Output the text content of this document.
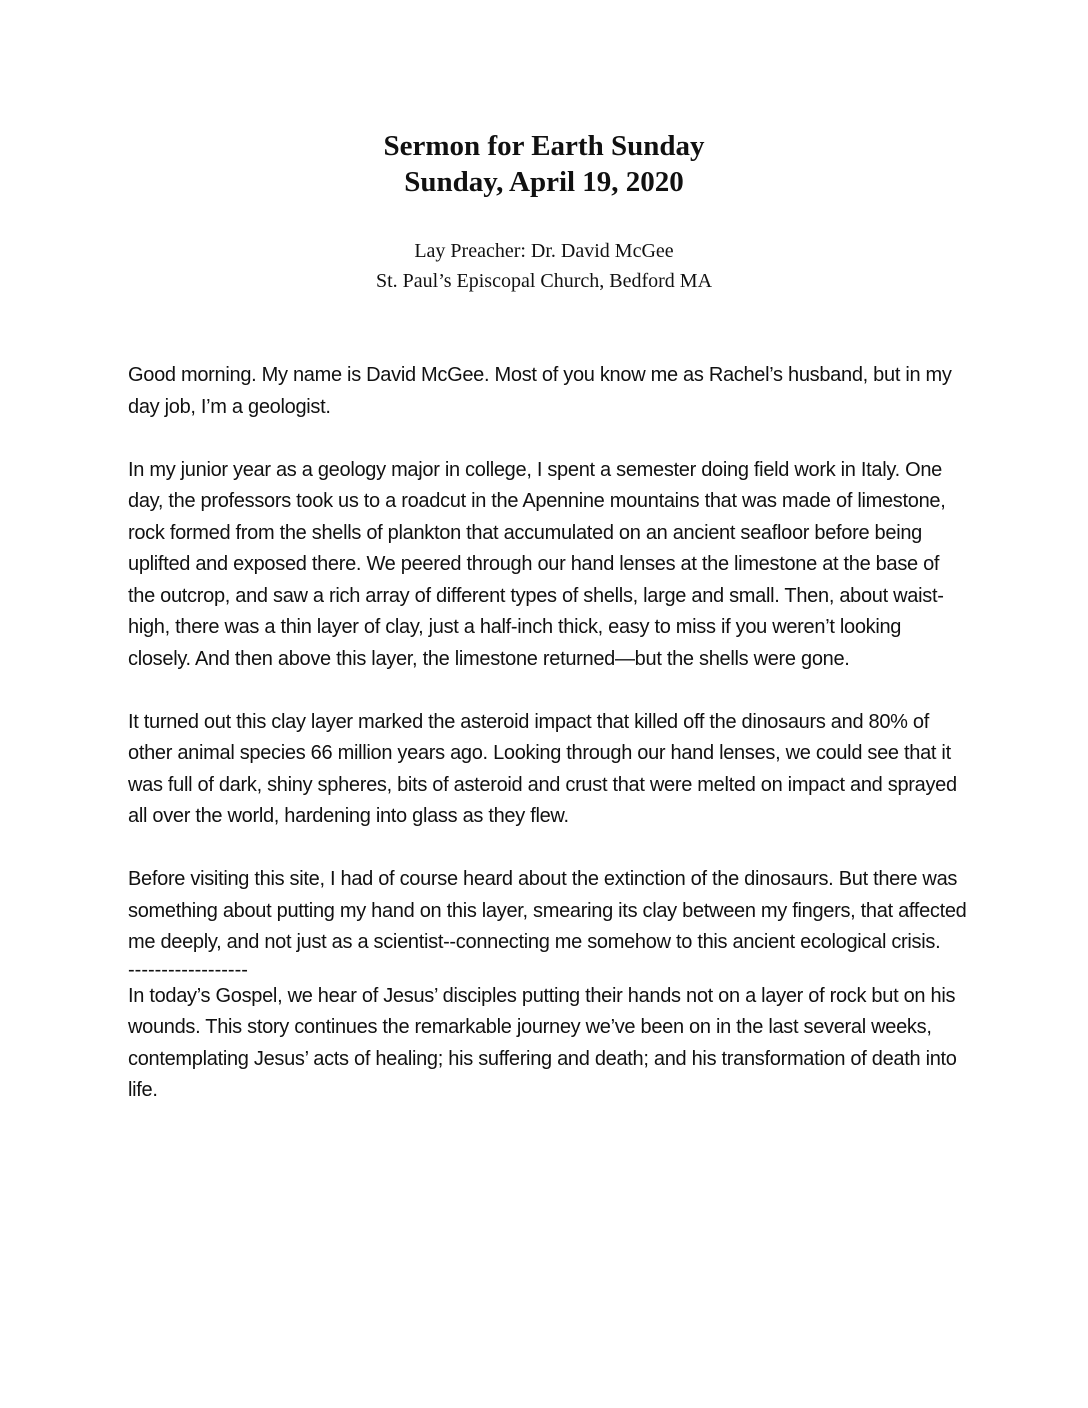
Sermon for Earth Sunday
Sunday, April 19, 2020
Lay Preacher: Dr. David McGee
St. Paul’s Episcopal Church, Bedford MA

Good morning. My name is David McGee. Most of you know me as Rachel’s husband, but in my day job, I’m a geologist.

In my junior year as a geology major in college, I spent a semester doing field work in Italy. One day, the professors took us to a roadcut in the Apennine mountains that was made of limestone, rock formed from the shells of plankton that accumulated on an ancient seafloor before being uplifted and exposed there. We peered through our hand lenses at the limestone at the base of the outcrop, and saw a rich array of different types of shells, large and small. Then, about waist-high, there was a thin layer of clay, just a half-inch thick, easy to miss if you weren’t looking closely. And then above this layer, the limestone returned—but the shells were gone.

It turned out this clay layer marked the asteroid impact that killed off the dinosaurs and 80% of other animal species 66 million years ago. Looking through our hand lenses, we could see that it was full of dark, shiny spheres, bits of asteroid and crust that were melted on impact and sprayed all over the world, hardening into glass as they flew.

Before visiting this site, I had of course heard about the extinction of the dinosaurs. But there was something about putting my hand on this layer, smearing its clay between my fingers, that affected me deeply, and not just as a scientist--connecting me somehow to this ancient ecological crisis.

------------------

In today’s Gospel, we hear of Jesus’ disciples putting their hands not on a layer of rock but on his wounds. This story continues the remarkable journey we’ve been on in the last several weeks, contemplating Jesus’ acts of healing; his suffering and death; and his transformation of death into life.
